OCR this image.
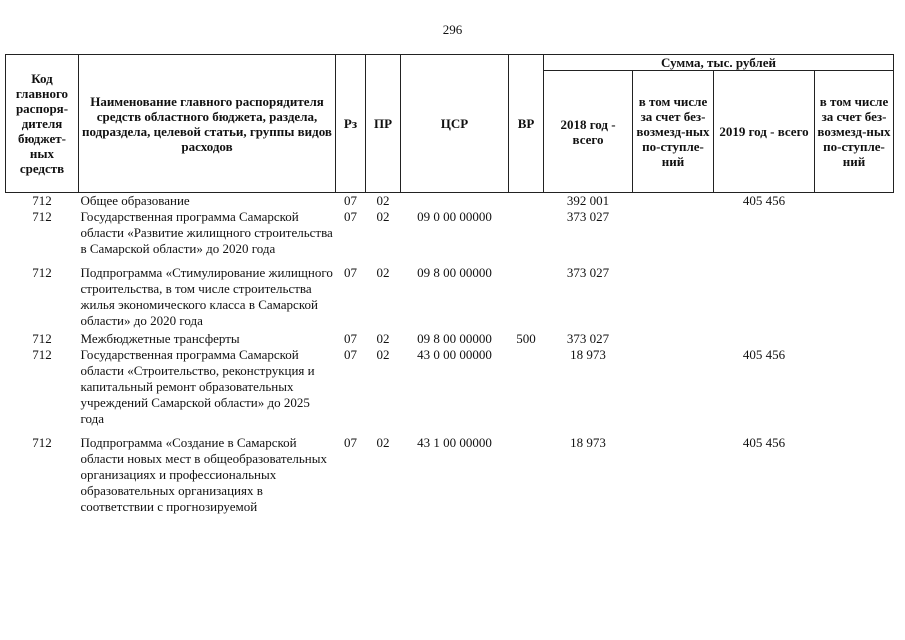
296
Код главного распоря-дителя бюджет-ных средств	Наименование главного распорядителя средств областного бюджета, раздела, подраздела, целевой статьи, группы видов расходов	Рз	ПР	ЦСР	ВР	Сумма, тыс. рублей			
						2018 год - всего	в том числе за счет без-возмезд-ных по-ступле-ний	2019 год - всего	в том числе за счет без-возмезд-ных по-ступле-ний
712	Общее образование	07	02			392 001		405 456	
712	Государственная программа Самарской области «Развитие жилищного строительства в Самарской области» до 2020 года	07	02	09 0 00 00000		373 027			
712	Подпрограмма «Стимулирование жилищного строительства, в том числе строительства жилья экономического класса в Самарской области» до 2020 года	07	02	09 8 00 00000		373 027			
712	Межбюджетные трансферты	07	02	09 8 00 00000	500	373 027			
712	Государственная программа Самарской области «Строительство, реконструкция и капитальный ремонт образовательных учреждений Самарской области» до 2025 года	07	02	43 0 00 00000		18 973		405 456	
712	Подпрограмма «Создание в Самарской области новых мест в общеобразовательных организациях и профессиональных образовательных организациях в соответствии с прогнозируемой	07	02	43 1 00 00000		18 973		405 456	
